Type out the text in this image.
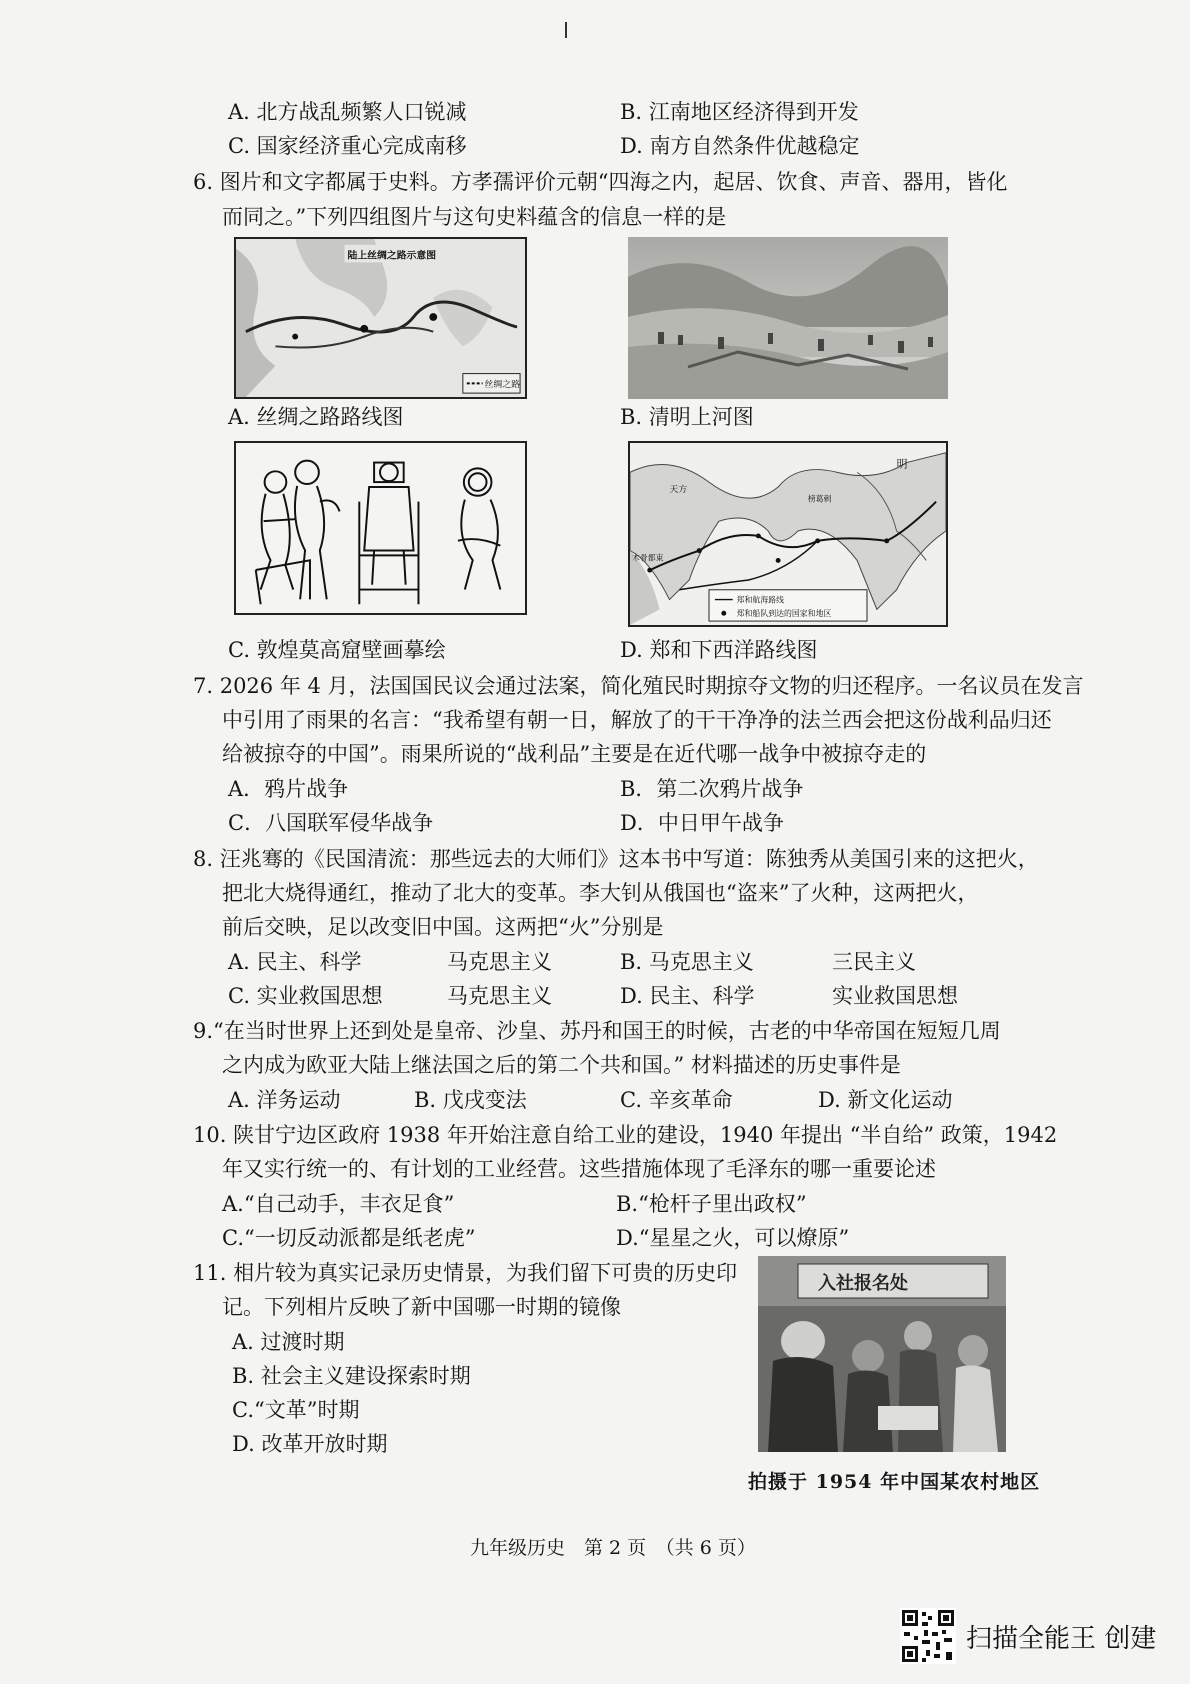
A. 北方战乱频繁人口锐减	B. 江南地区经济得到开发
C. 国家经济重心完成南移	D. 南方自然条件优越稳定
6. 图片和文字都属于史料。方孝孺评价元朝“四海之内，起居、饮食、声音、器用，皆化
而同之。”下列四组图片与这句史料蕴含的信息一样的是
陆上丝绸之路示意图
丝绸之路
A. 丝绸之路路线图	B. 清明上河图
明
天方
木骨都束
榜葛剌
郑和航海路线
郑和船队到达的国家和地区
C. 敦煌莫高窟壁画摹绘	D. 郑和下西洋路线图
7. 2026 年 4 月，法国国民议会通过法案，简化殖民时期掠夺文物的归还程序。一名议员在发言
中引用了雨果的名言：“我希望有朝一日，解放了的干干净净的法兰西会把这份战利品归还
给被掠夺的中国”。雨果所说的“战利品”主要是在近代哪一战争中被掠夺走的
A．鸦片战争	B．第二次鸦片战争
C．八国联军侵华战争	D．中日甲午战争
8. 汪兆骞的《民国清流：那些远去的大师们》这本书中写道：陈独秀从美国引来的这把火，
把北大烧得通红，推动了北大的变革。李大钊从俄国也“盗来”了火种，这两把火，
前后交映，足以改变旧中国。这两把“火”分别是
A. 民主、科学	马克思主义	B. 马克思主义	三民主义
C. 实业救国思想	马克思主义	D. 民主、科学	实业救国思想
9.“在当时世界上还到处是皇帝、沙皇、苏丹和国王的时候，古老的中华帝国在短短几周
之内成为欧亚大陆上继法国之后的第二个共和国。” 材料描述的历史事件是
A. 洋务运动	B. 戊戌变法	C. 辛亥革命	D. 新文化运动
10. 陕甘宁边区政府 1938 年开始注意自给工业的建设，1940 年提出 “半自给” 政策，1942
年又实行统一的、有计划的工业经营。这些措施体现了毛泽东的哪一重要论述
A.“自己动手，丰衣足食”	B.“枪杆子里出政权”
C.“一切反动派都是纸老虎”	D.“星星之火，可以燎原”
11. 相片较为真实记录历史情景，为我们留下可贵的历史印
记。下列相片反映了新中国哪一时期的镜像
A. 过渡时期
B. 社会主义建设探索时期
C.“文革”时期
D. 改革开放时期
入社报名处
拍摄于 1954 年中国某农村地区
九年级历史　第 2 页　（共 6 页）
扫描全能王 创建
